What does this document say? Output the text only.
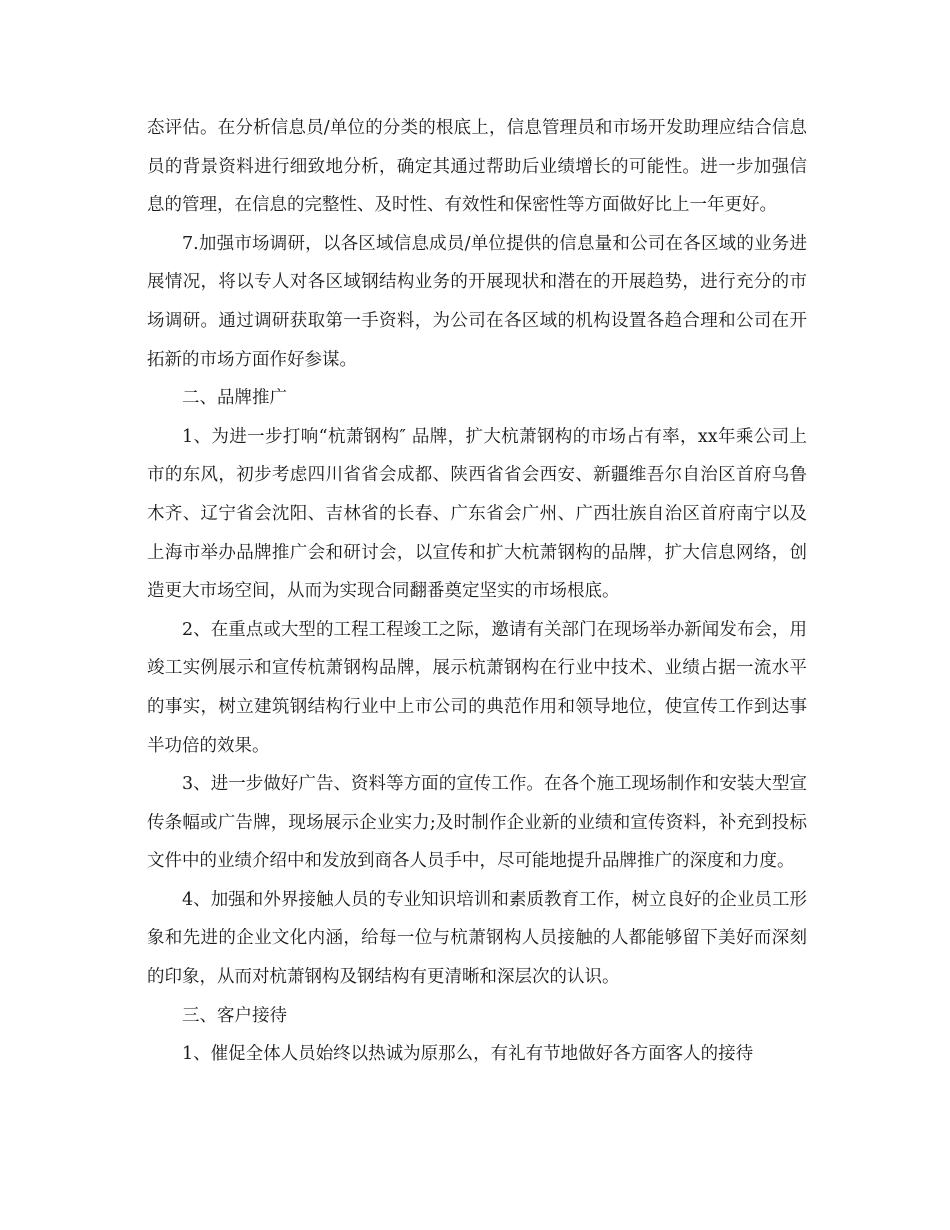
态评估。在分析信息员/单位的分类的根底上，信息管理员和市场开发助理应结合信息员的背景资料进行细致地分析，确定其通过帮助后业绩增长的可能性。进一步加强信息的管理，在信息的完整性、及时性、有效性和保密性等方面做好比上一年更好。

7.加强市场调研，以各区域信息成员/单位提供的信息量和公司在各区域的业务进展情况，将以专人对各区域钢结构业务的开展现状和潜在的开展趋势，进行充分的市场调研。通过调研获取第一手资料，为公司在各区域的机构设置各趋合理和公司在开拓新的市场方面作好参谋。

二、品牌推广

1、为进一步打响“杭萧钢构″ 品牌，扩大杭萧钢构的市场占有率，xx年乘公司上市的东风，初步考虑四川省省会成都、陕西省省会西安、新疆维吾尔自治区首府乌鲁木齐、辽宁省会沈阳、吉林省的长春、广东省会广州、广西壮族自治区首府南宁以及上海市举办品牌推广会和研讨会，以宣传和扩大杭萧钢构的品牌，扩大信息网络，创造更大市场空间，从而为实现合同翻番奠定坚实的市场根底。

2、在重点或大型的工程工程竣工之际，邀请有关部门在现场举办新闻发布会，用竣工实例展示和宣传杭萧钢构品牌，展示杭萧钢构在行业中技术、业绩占据一流水平的事实，树立建筑钢结构行业中上市公司的典范作用和领导地位，使宣传工作到达事半功倍的效果。

3、进一步做好广告、资料等方面的宣传工作。在各个施工现场制作和安装大型宣传条幅或广告牌，现场展示企业实力;及时制作企业新的业绩和宣传资料，补充到投标文件中的业绩介绍中和发放到商各人员手中，尽可能地提升品牌推广的深度和力度。

4、加强和外界接触人员的专业知识培训和素质教育工作，树立良好的企业员工形象和先进的企业文化内涵，给每一位与杭萧钢构人员接触的人都能够留下美好而深刻的印象，从而对杭萧钢构及钢结构有更清晰和深层次的认识。

三、客户接待

1、催促全体人员始终以热诚为原那么，有礼有节地做好各方面客人的接待
